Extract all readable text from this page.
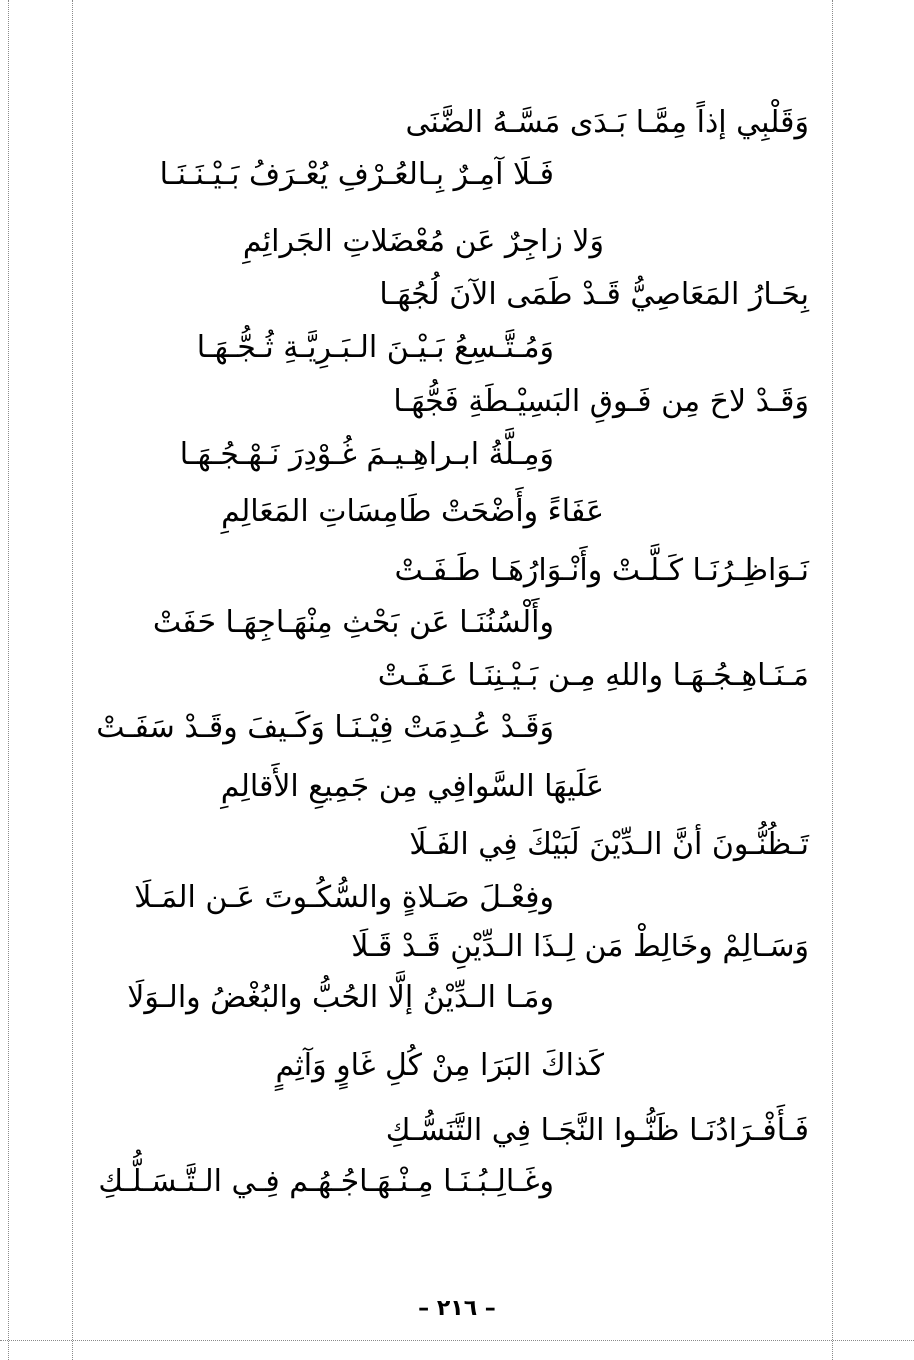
وَقَلْبِي إذاً مِمَّـا بَـدَى مَسَّـهُ الضَّنَى
فَـلَا آمِـرٌ بِـالعُـرْفِ يُعْـرَفُ بَـيْـنَـنَـا
وَلا زاجِرٌ عَن مُعْضَلاتِ الجَرائِمِ
بِحَـارُ المَعَاصِيُّ قَـدْ طَمَى الآنَ لُجُهَـا
وَمُـتَّـسِعُ بَـيْـنَ الـبَـرِيَّـةِ ثُـجُّـهَـا
وَقَـدْ لاحَ مِن فَـوقِ البَسِيْـطَةِ فَجُّهَـا
وَمِـلَّةُ ابـراهِـيـمَ غُـوْدِرَ نَـهْـجُـهَـا
عَفَاءً وأَضْحَتْ طَامِسَاتِ المَعَالِمِ
نَـوَاظِـرُنَـا كَـلَّـتْ وأَنْـوَارُهَـا طَـفَـتْ
وأَلْسُنُنَـا عَن بَحْثِ مِنْهَـاجِهَـا حَفَتْ
مَـنَـاهِـجُـهَـا واللهِ مِـن بَـيْـنِنَـا عَـفَـتْ
وَقَـدْ عُـدِمَتْ فِيْـنَـا وَكَـيفَ وقَـدْ سَفَـتْ
عَلَيهَا السَّوافِي مِن جَمِيعِ الأَقالِمِ
تَـظُنُّـونَ أنَّ الـدِّيْنَ لَبَيْكَ فِي الفَـلَا
وفِعْـلَ صَـلاةٍ والسُّكُـوتَ عَـن المَـلَا
وَسَـالِمْ وخَالِطْ مَن لِـذَا الـدِّيْنِ قَـدْ قَـلَا
ومَـا الـدِّيْنُ إلَّا الحُبُّ والبُغْضُ والـوَلَا
كَذاكَ البَرَا مِنْ كُلِ غَاوٍ وَآثِمٍ
فَـأَفْـرَادُنَـا ظَنُّـوا النَّجَـا فِي التَّنَسُّـكِ
وغَـالِـبُـنَـا مِـنْـهَـاجُـهُـم فِـي الـتَّـسَـلُّـكِ
– ٢١٦ –
